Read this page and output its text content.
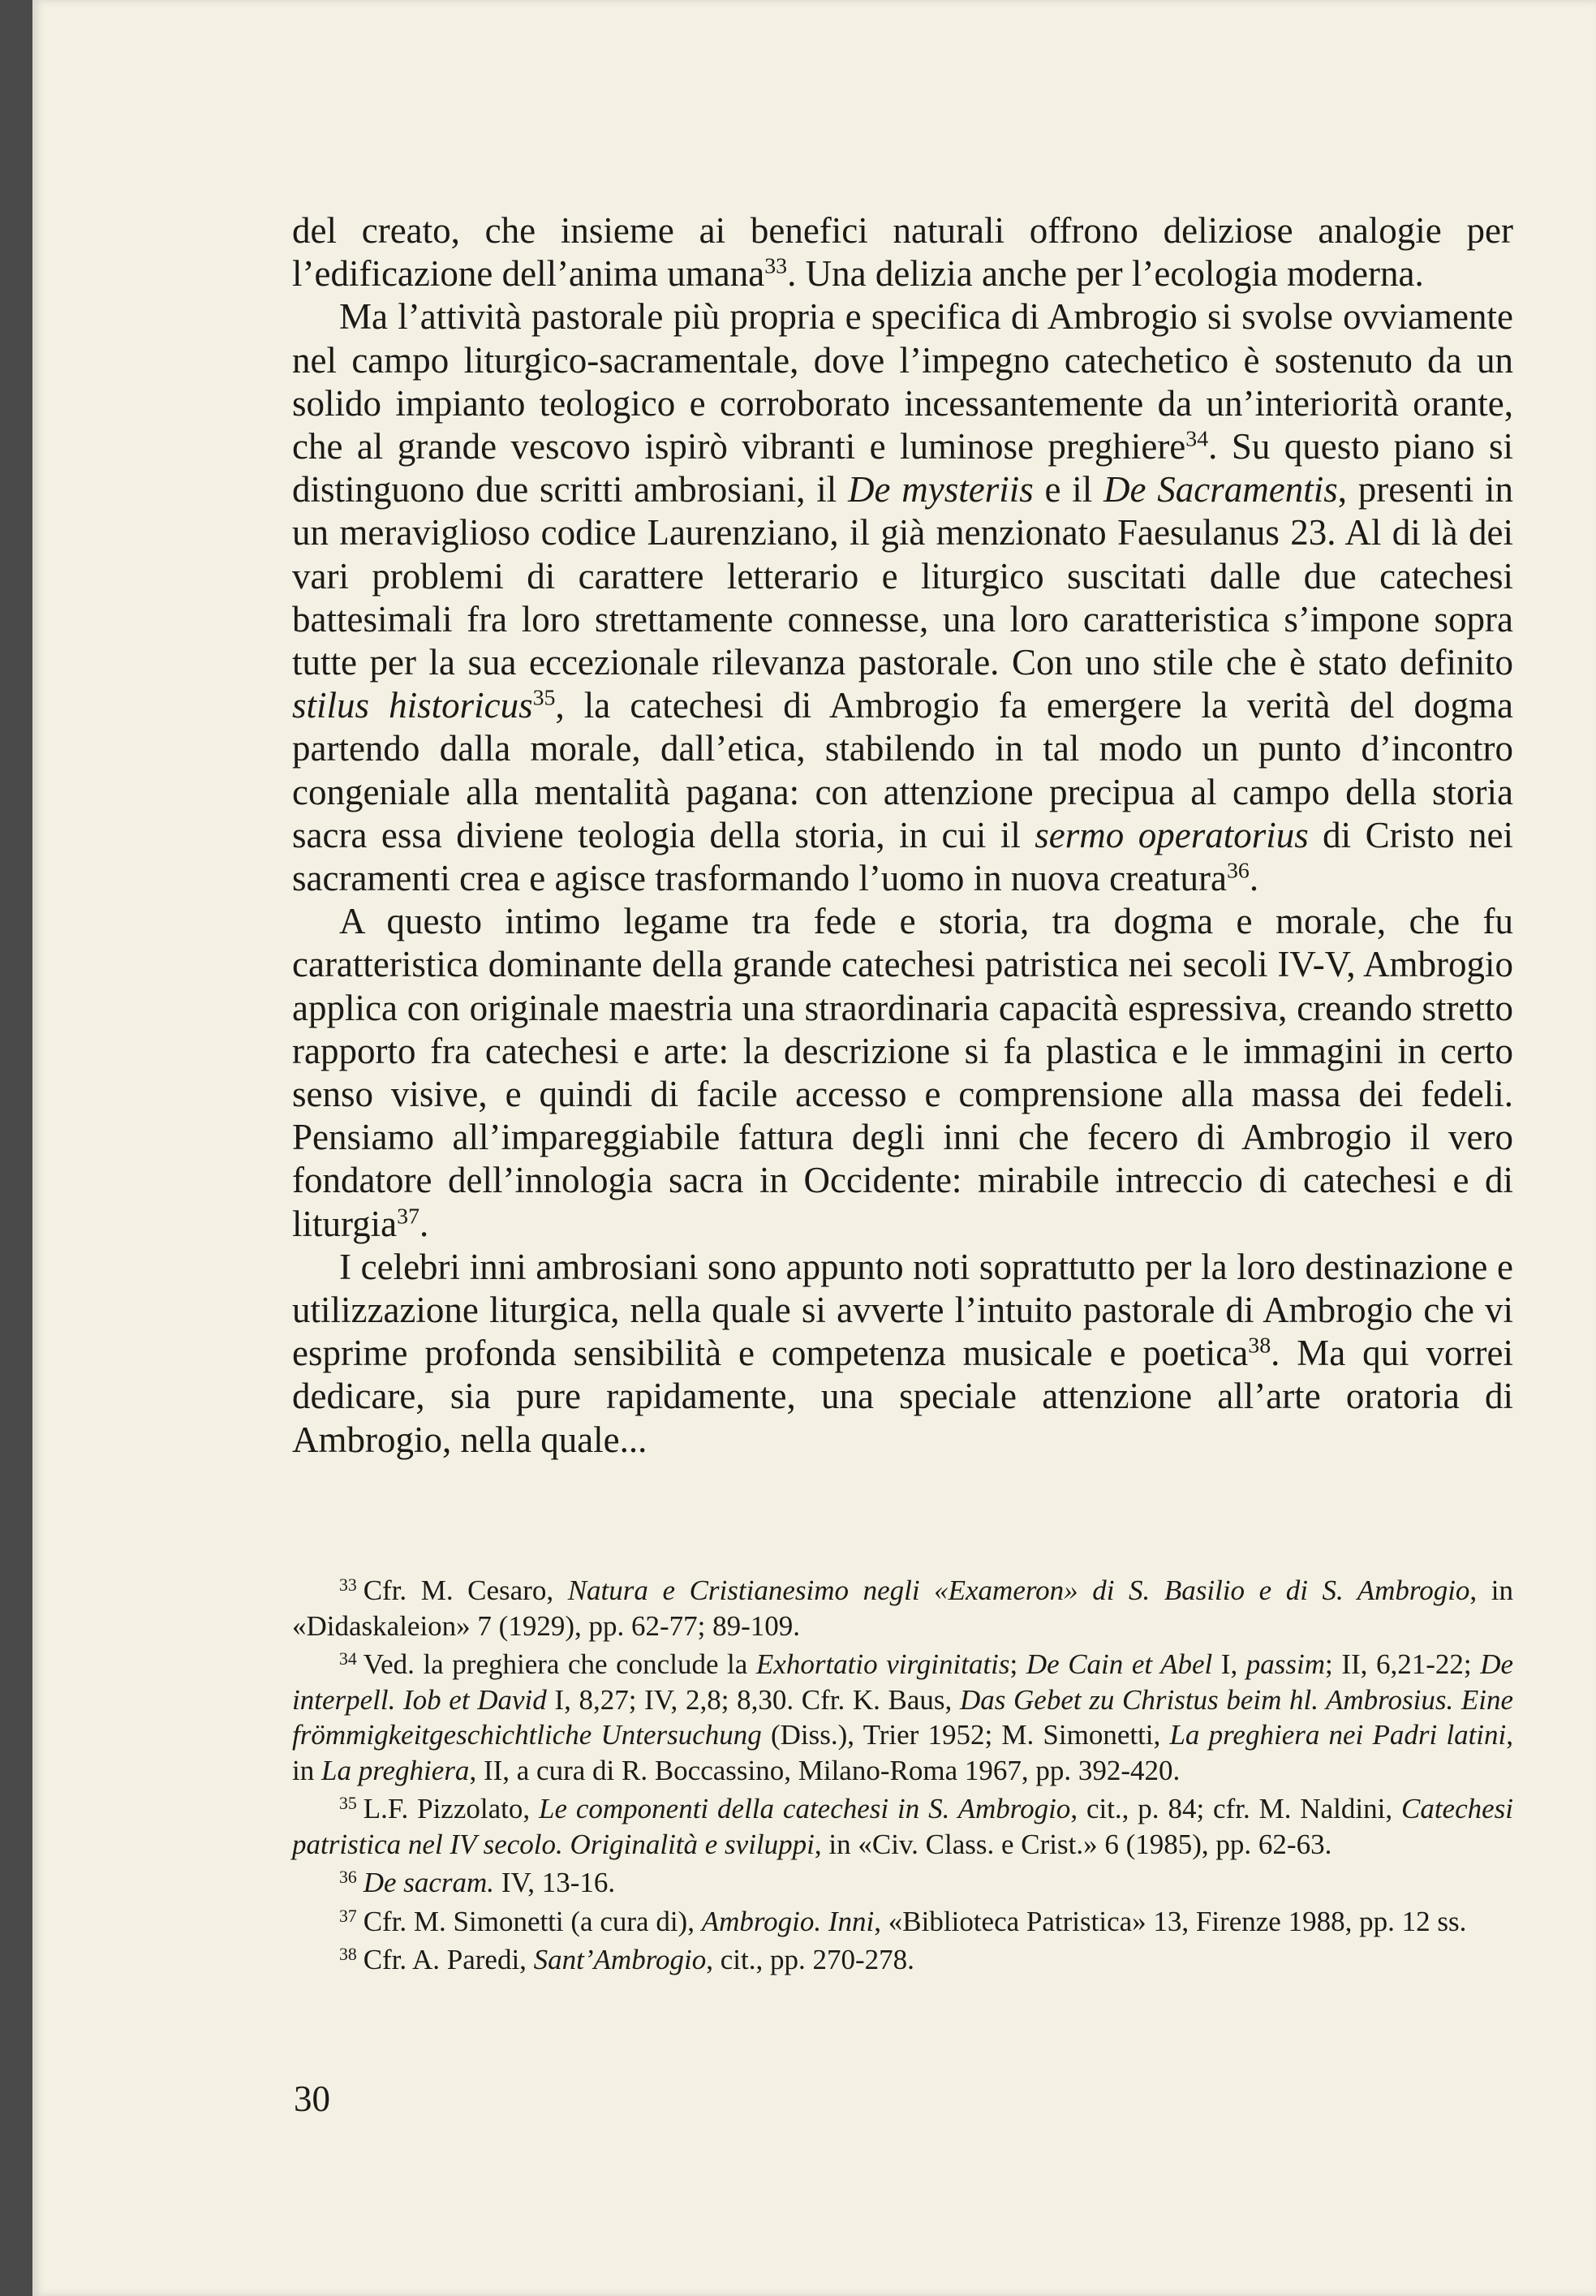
del creato, che insieme ai benefici naturali offrono deliziose analogie per l’edificazione dell’anima umana$^{33}$. Una delizia anche per l’ecologia moderna.

Ma l’attività pastorale più propria e specifica di Ambrogio si svolse ovviamente nel campo liturgico-sacramentale, dove l’impegno catechetico è sostenuto da un solido impianto teologico e corroborato incessantemente da un’interiorità orante, che al grande vescovo ispirò vibranti e luminose preghiere$^{34}$. Su questo piano si distinguono due scritti ambrosiani, il De mysteriis e il De Sacramentis, presenti in un meraviglioso codice Laurenziano, il già menzionato Faesulanus 23. Al di là dei vari problemi di carattere letterario e liturgico suscitati dalle due catechesi battesimali fra loro strettamente connesse, una loro caratteristica s’impone sopra tutte per la sua eccezionale rilevanza pastorale. Con uno stile che è stato definito stilus historicus$^{35}$, la catechesi di Ambrogio fa emergere la verità del dogma partendo dalla morale, dall’etica, stabilendo in tal modo un punto d’incontro congeniale alla mentalità pagana: con attenzione precipua al campo della storia sacra essa diviene teologia della storia, in cui il sermo operatorius di Cristo nei sacramenti crea e agisce trasformando l’uomo in nuova creatura$^{36}$.

A questo intimo legame tra fede e storia, tra dogma e morale, che fu caratteristica dominante della grande catechesi patristica nei secoli IV-V, Ambrogio applica con originale maestria una straordinaria capacità espressiva, creando stretto rapporto fra catechesi e arte: la descrizione si fa plastica e le immagini in certo senso visive, e quindi di facile accesso e comprensione alla massa dei fedeli. Pensiamo all’impareggiabile fattura degli inni che fecero di Ambrogio il vero fondatore dell’innologia sacra in Occidente: mirabile intreccio di catechesi e di liturgia$^{37}$.

I celebri inni ambrosiani sono appunto noti soprattutto per la loro destinazione e utilizzazione liturgica, nella quale si avverte l’intuito pastorale di Ambrogio che vi esprime profonda sensibilità e competenza musicale e poetica$^{38}$. Ma qui vorrei dedicare, sia pure rapidamente, una speciale attenzione all’arte oratoria di Ambrogio, nella quale...

$^{33}$ Cfr. M. Cesaro, Natura e Cristianesimo negli «Exameron» di S. Basilio e di S. Ambrogio, in «Didaskaleion» 7 (1929), pp. 62-77; 89-109.

$^{34}$ Ved. la preghiera che conclude la Exhortatio virginitatis; De Cain et Abel I, passim; II, 6,21-22; De interpell. Iob et David I, 8,27; IV, 2,8; 8,30. Cfr. K. Baus, Das Gebet zu Christus beim hl. Ambrosius. Eine frömmigkeitgeschichtliche Untersuchung (Diss.), Trier 1952; M. Simonetti, La preghiera nei Padri latini, in La preghiera, II, a cura di R. Boccassino, Milano-Roma 1967, pp. 392-420.

$^{35}$ L.F. Pizzolato, Le componenti della catechesi in S. Ambrogio, cit., p. 84; cfr. M. Naldini, Catechesi patristica nel IV secolo. Originalità e sviluppi, in «Civ. Class. e Crist.» 6 (1985), pp. 62-63.

$^{36}$ De sacram. IV, 13-16.

$^{37}$ Cfr. M. Simonetti (a cura di), Ambrogio. Inni, «Biblioteca Patristica» 13, Firenze 1988, pp. 12 ss.

$^{38}$ Cfr. A. Paredi, Sant’Ambrogio, cit., pp. 270-278.

30
